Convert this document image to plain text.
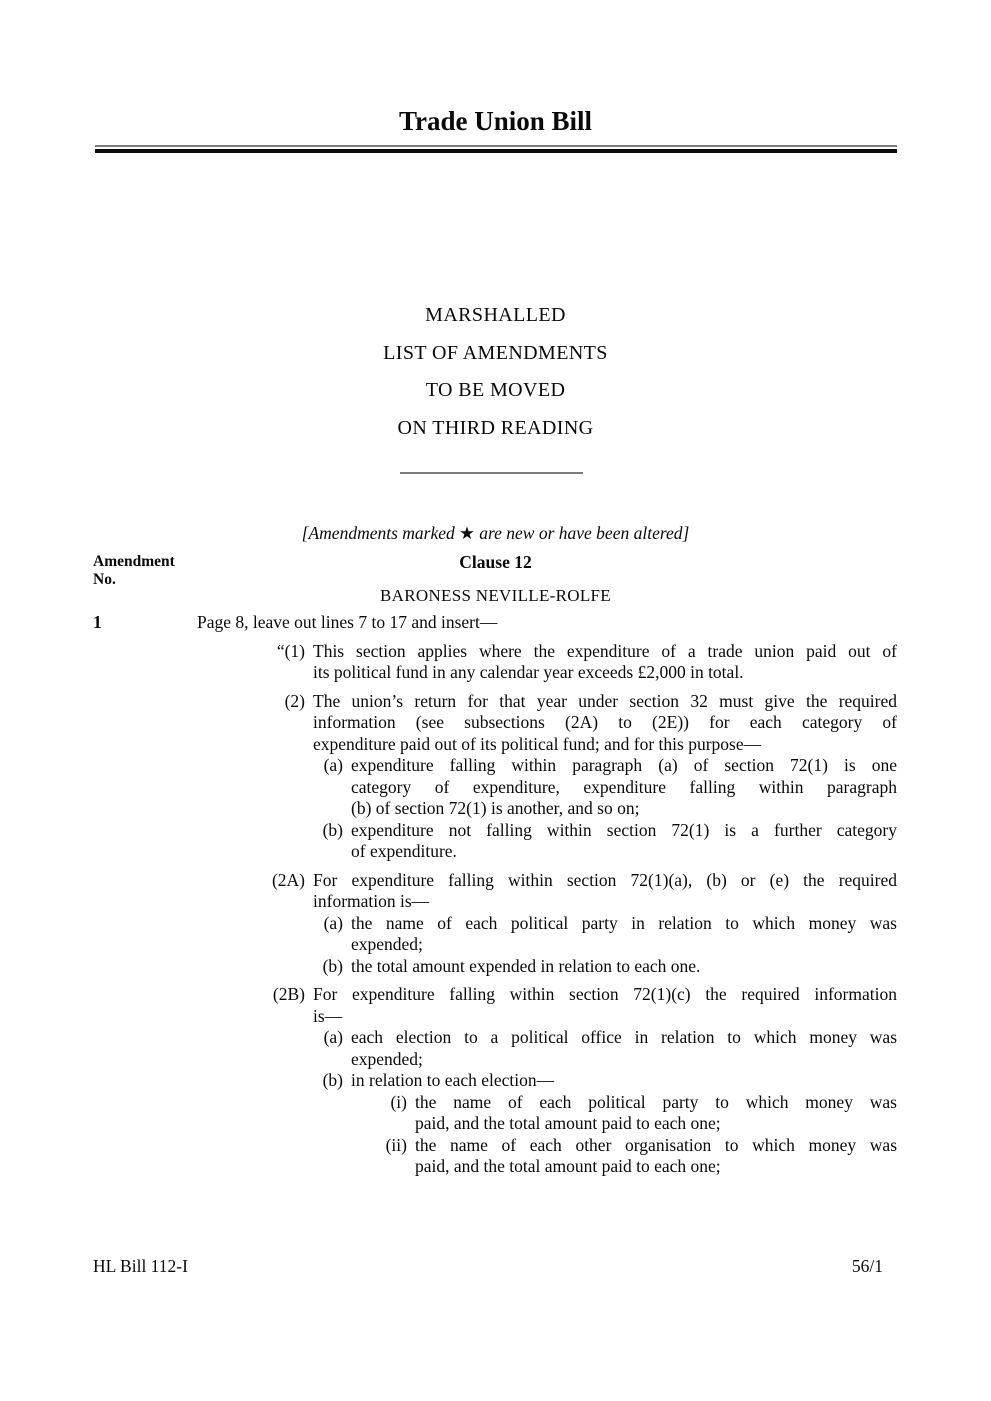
Trade Union Bill
MARSHALLED
LIST OF AMENDMENTS
TO BE MOVED
ON THIRD READING

[Amendments marked ★ are new or have been altered]

Amendment
No.
Clause 12
BARONESS NEVILLE-ROLFE
1	Page 8, leave out lines 7 to 17 and insert—
“(1) This section applies where the expenditure of a trade union paid out of
its political fund in any calendar year exceeds £2,000 in total.
(2) The union’s return for that year under section 32 must give the required
information (see subsections (2A) to (2E)) for each category of
expenditure paid out of its political fund; and for this purpose—
(a) expenditure falling within paragraph (a) of section 72(1) is one
category of expenditure, expenditure falling within paragraph
(b) of section 72(1) is another, and so on;
(b) expenditure not falling within section 72(1) is a further category
of expenditure.
(2A) For expenditure falling within section 72(1)(a), (b) or (e) the required
information is—
(a) the name of each political party in relation to which money was
expended;
(b) the total amount expended in relation to each one.
(2B) For expenditure falling within section 72(1)(c) the required information
is—
(a) each election to a political office in relation to which money was
expended;
(b) in relation to each election—
(i) the name of each political party to which money was
paid, and the total amount paid to each one;
(ii) the name of each other organisation to which money was
paid, and the total amount paid to each one;
HL Bill 112-I	56/1
